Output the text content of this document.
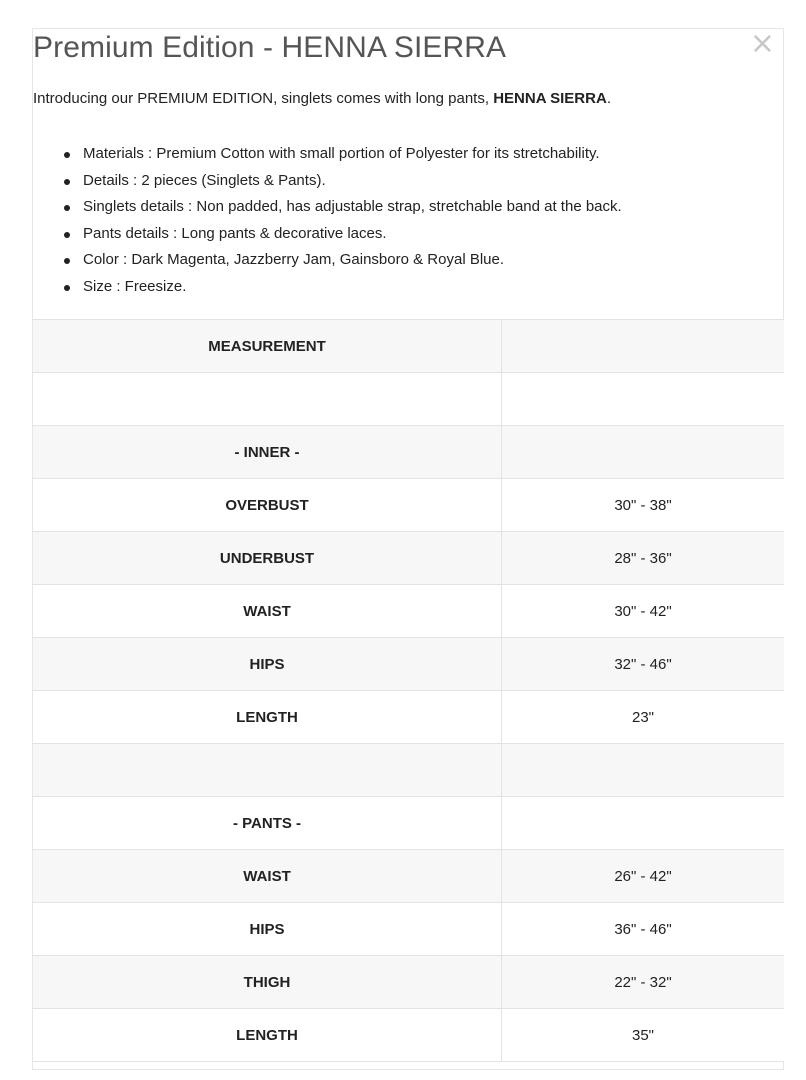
×
Premium Edition - HENNA SIERRA

Introducing our PREMIUM EDITION, singlets comes with long pants, HENNA SIERRA.

Materials : Premium Cotton with small portion of Polyester for its stretchability.
Details : 2 pieces (Singlets & Pants).
Singlets details : Non padded, has adjustable strap, stretchable band at the back.
Pants details : Long pants & decorative laces.
Color : Dark Magenta, Jazzberry Jam, Gainsboro & Royal Blue.
Size : Freesize.
MEASUREMENT
- INNER -
OVERBUST	30" - 38"
UNDERBUST	28" - 36"
WAIST	30" - 42"
HIPS	32" - 46"
LENGTH	23"
- PANTS -
WAIST	26" - 42"
HIPS	36" - 46"
THIGH	22" - 32"
LENGTH	35"
